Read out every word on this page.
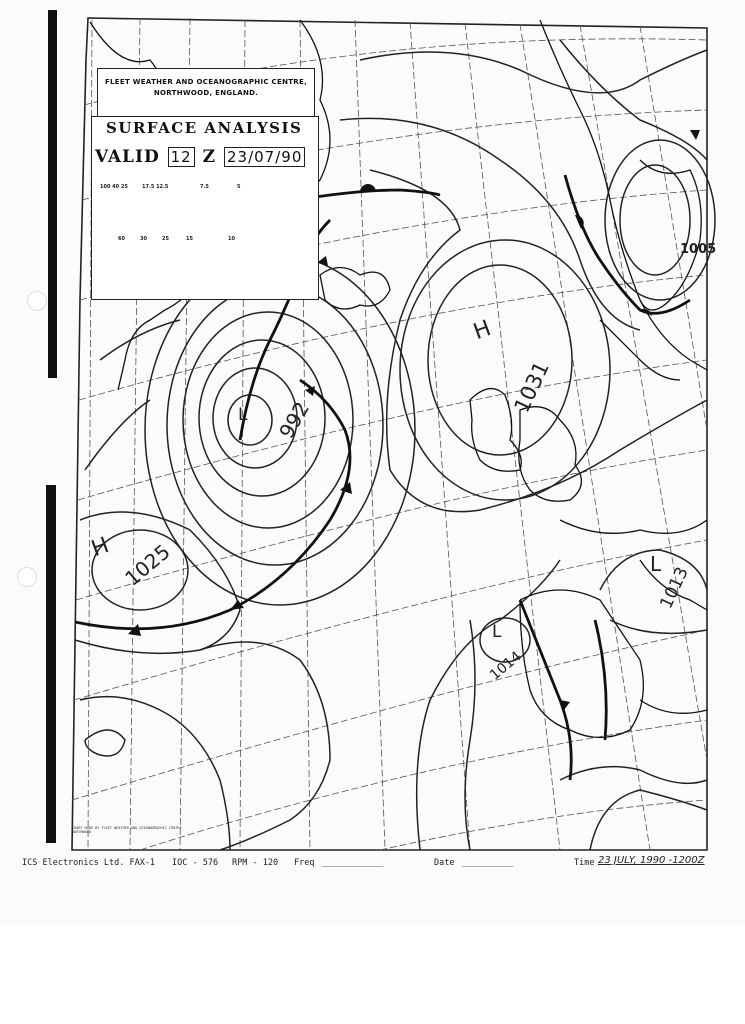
FLEET WEATHER AND OCEANOGRAPHIC CENTRE,
NORTHWOOD, ENGLAND.
SURFACE ANALYSIS
VALID 12 Z 23/07/90
100 40 25	17.5 12.5	7.5	5
60	30	25	15	10
L 992
H
1031
H 1025
L
1014
L
1013
1005
CHART MADE BY FLEET WEATHER AND OCEANOGRAPHIC CENTRE NORTHWOOD
ICS Electronics Ltd. FAX-1 IOC - 576 RPM - 120 Freq ____________	Date __________	Time 23 JULY, 1990 -1200Z
